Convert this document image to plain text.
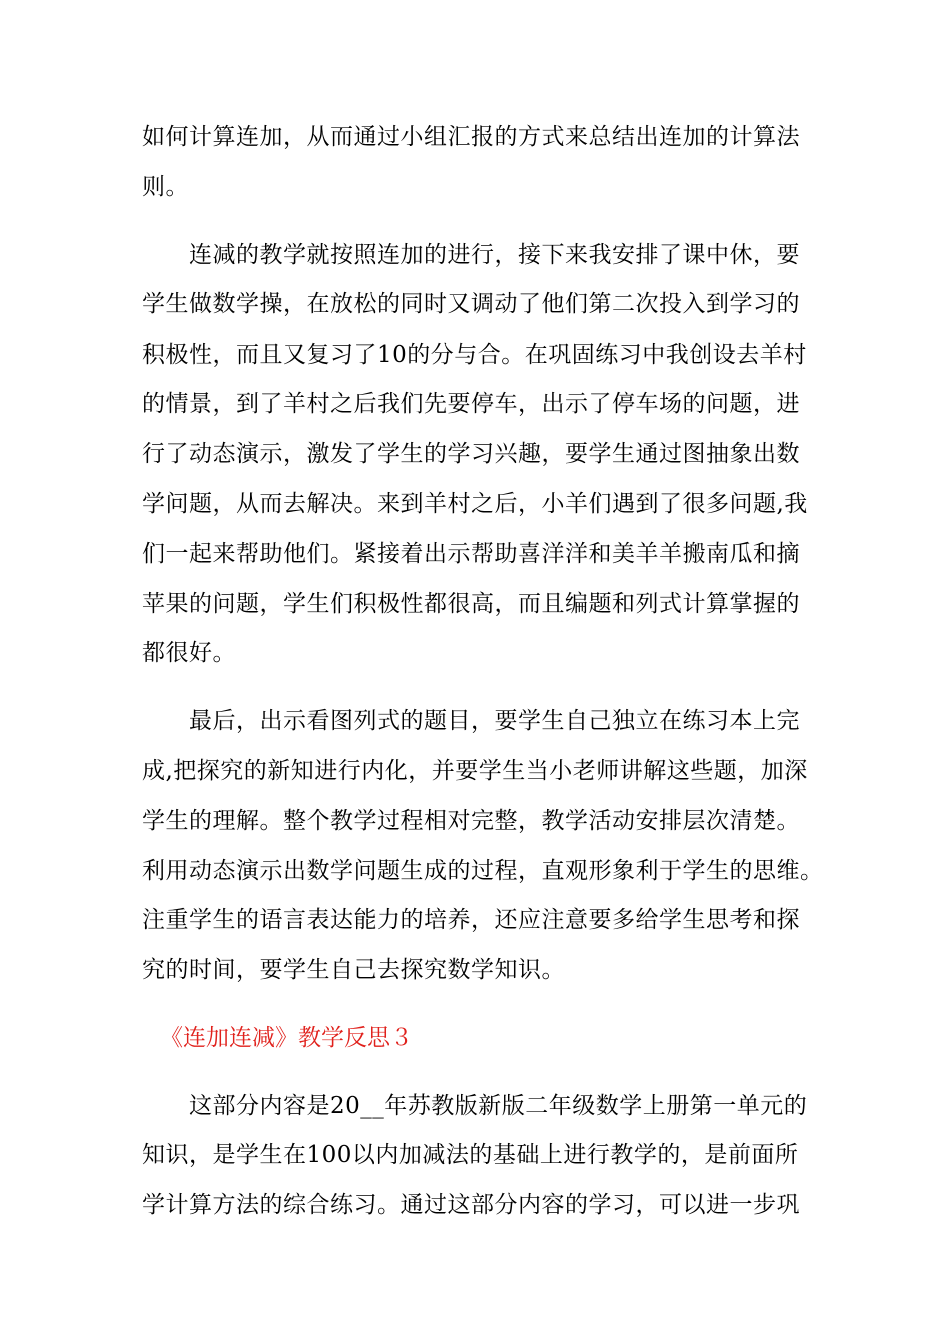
如何计算连加，从而通过小组汇报的方式来总结出连加的计算法
则。
连减的教学就按照连加的进行，接下来我安排了课中休，要
学生做数学操，在放松的同时又调动了他们第二次投入到学习的
积极性，而且又复习了10的分与合。在巩固练习中我创设去羊村
的情景，到了羊村之后我们先要停车，出示了停车场的问题，进
行了动态演示，激发了学生的学习兴趣，要学生通过图抽象出数
学问题，从而去解决。来到羊村之后，小羊们遇到了很多问题,我
们一起来帮助他们。紧接着出示帮助喜洋洋和美羊羊搬南瓜和摘
苹果的问题，学生们积极性都很高，而且编题和列式计算掌握的
都很好。
最后，出示看图列式的题目，要学生自己独立在练习本上完
成,把探究的新知进行内化，并要学生当小老师讲解这些题，加深
学生的理解。整个教学过程相对完整，教学活动安排层次清楚。
利用动态演示出数学问题生成的过程，直观形象利于学生的思维。
注重学生的语言表达能力的培养，还应注意要多给学生思考和探
究的时间，要学生自己去探究数学知识。
《连加连减》教学反思３
这部分内容是20__年苏教版新版二年级数学上册第一单元的
知识，是学生在100以内加减法的基础上进行教学的，是前面所
学计算方法的综合练习。通过这部分内容的学习，可以进一步巩
